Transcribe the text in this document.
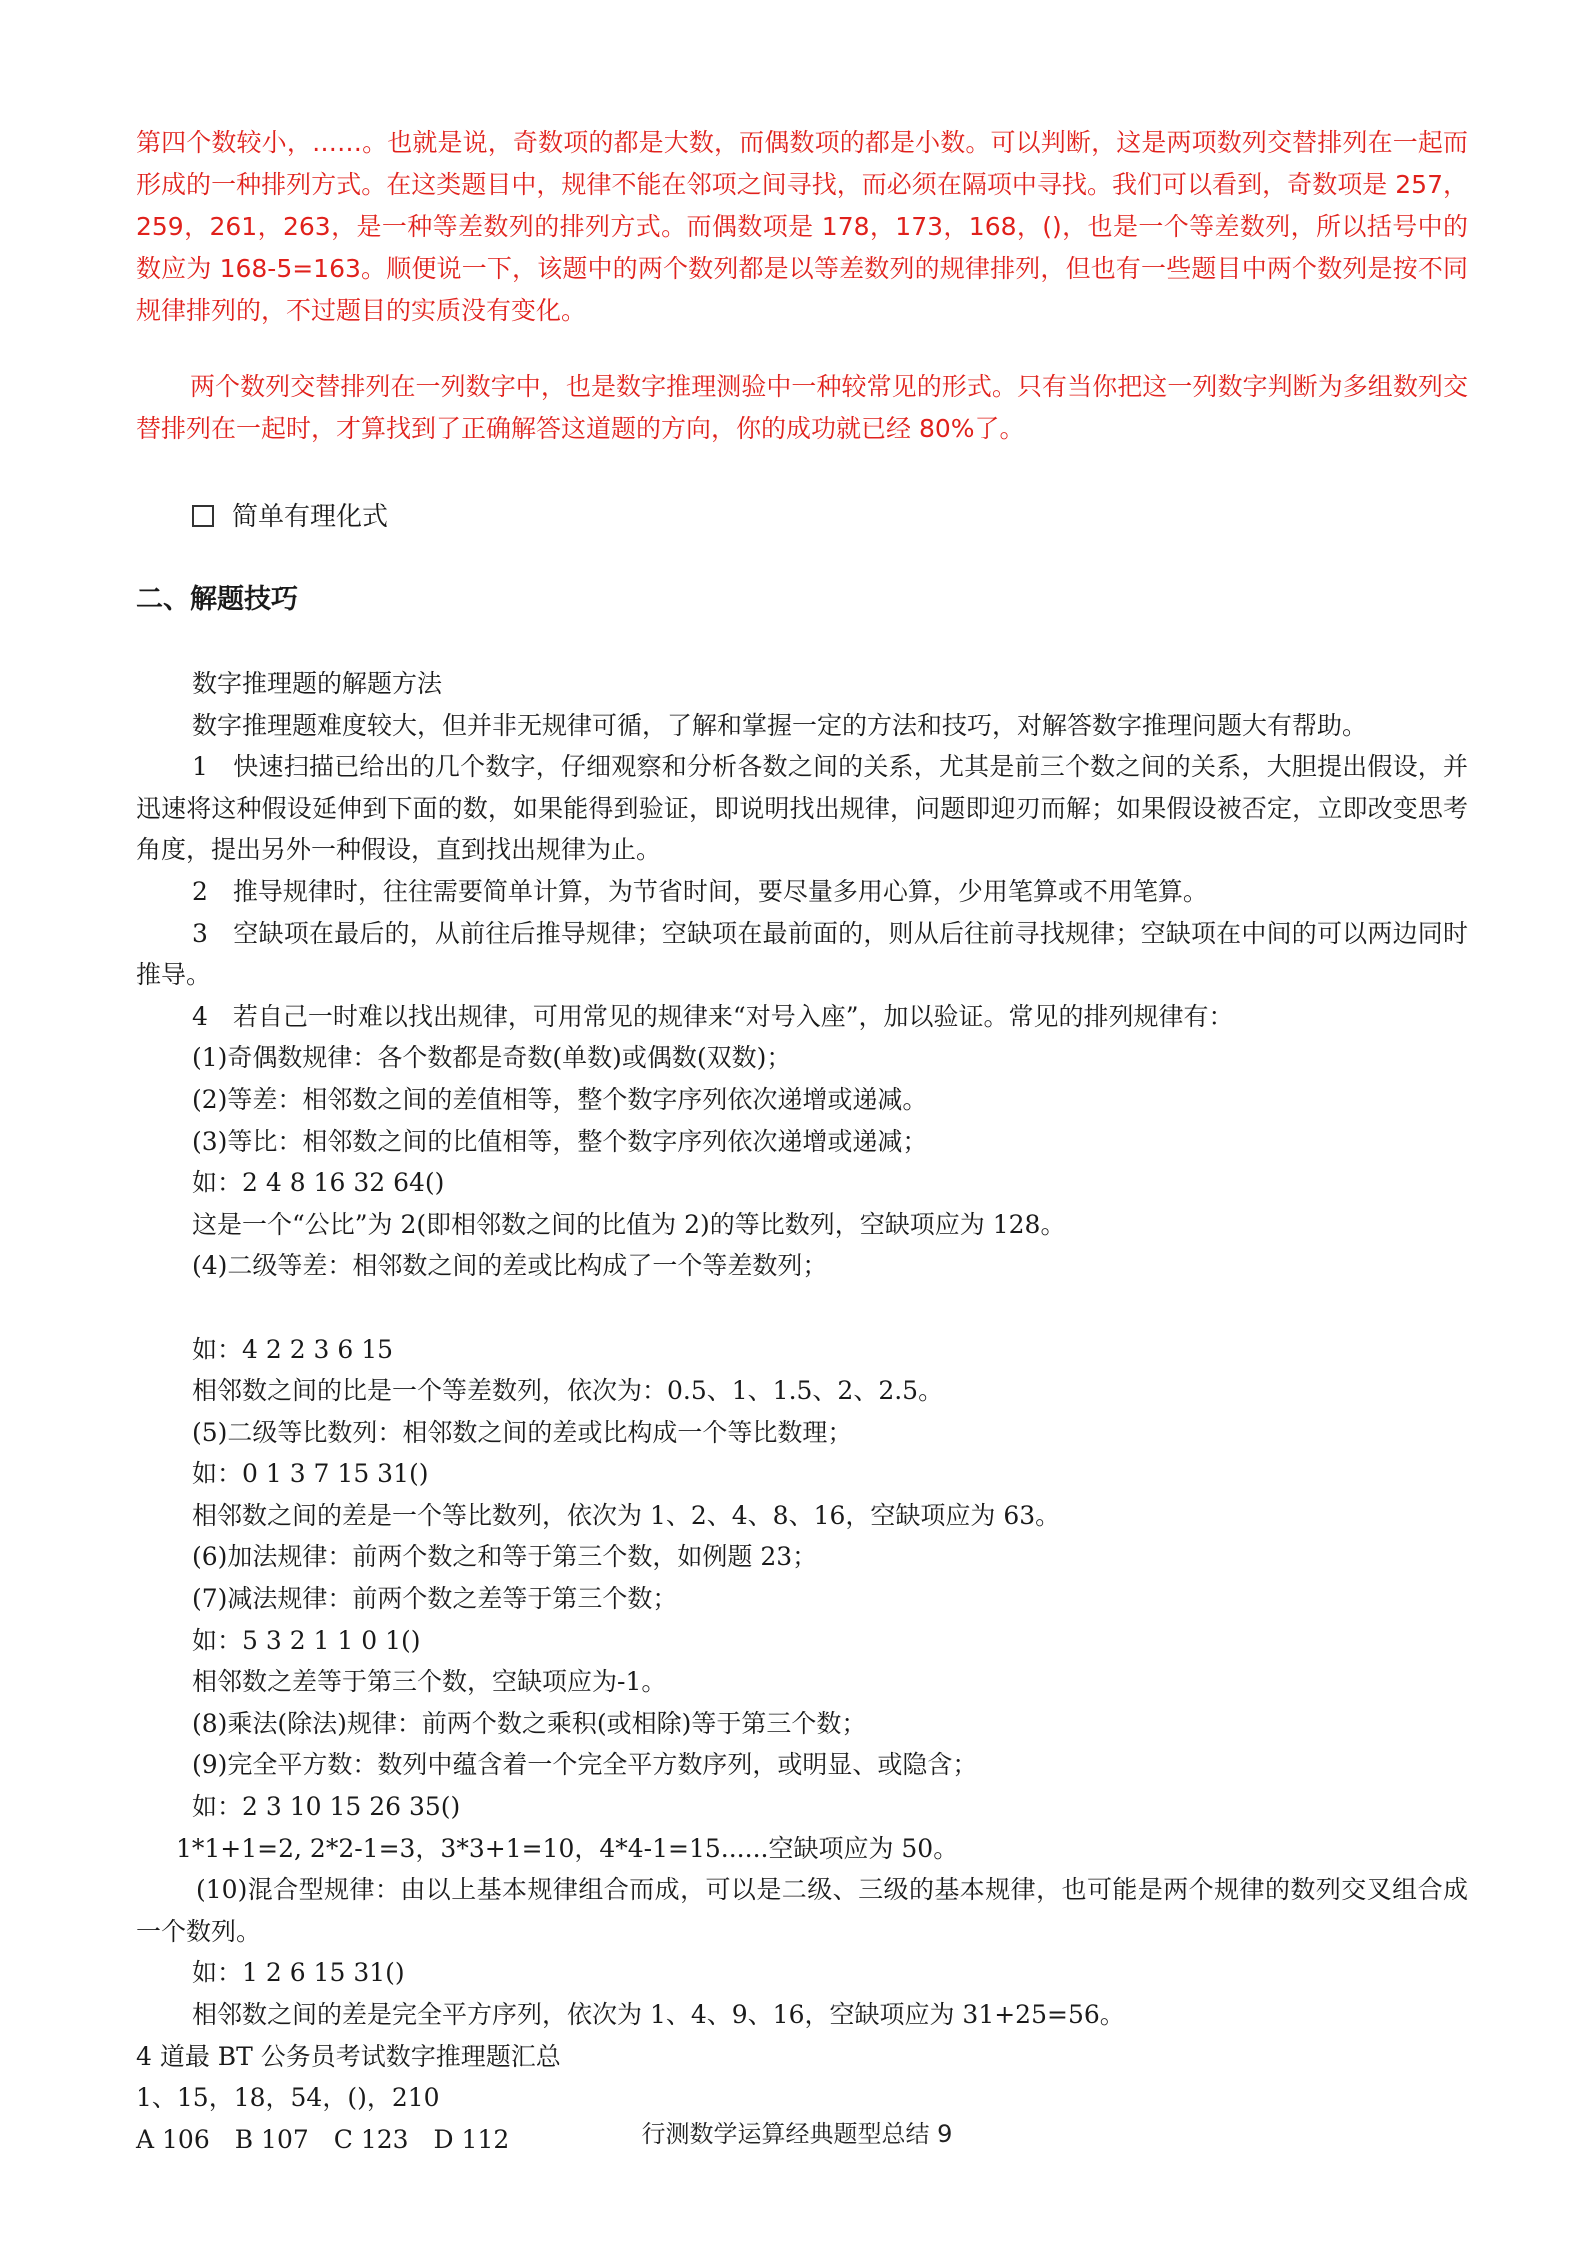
第四个数较小，……。也就是说，奇数项的都是大数，而偶数项的都是小数。可以判断，这是两项数列交替排列在一起而形成的一种排列方式。在这类题目中，规律不能在邻项之间寻找，而必须在隔项中寻找。我们可以看到，奇数项是 257，259，261，263，是一种等差数列的排列方式。而偶数项是 178，173，168，()，也是一个等差数列，所以括号中的数应为 168-5=163。顺便说一下，该题中的两个数列都是以等差数列的规律排列，但也有一些题目中两个数列是按不同规律排列的，不过题目的实质没有变化。

两个数列交替排列在一列数字中，也是数字推理测验中一种较常见的形式。只有当你把这一列数字判断为多组数列交替排列在一起时，才算找到了正确解答这道题的方向，你的成功就已经 80%了。

简单有理化式
二、解题技巧

数字推理题的解题方法

数字推理题难度较大，但并非无规律可循，了解和掌握一定的方法和技巧，对解答数字推理问题大有帮助。

1　快速扫描已给出的几个数字，仔细观察和分析各数之间的关系，尤其是前三个数之间的关系，大胆提出假设，并迅速将这种假设延伸到下面的数，如果能得到验证，即说明找出规律，问题即迎刃而解；如果假设被否定，立即改变思考角度，提出另外一种假设，直到找出规律为止。

2　推导规律时，往往需要简单计算，为节省时间，要尽量多用心算，少用笔算或不用笔算。

3　空缺项在最后的，从前往后推导规律；空缺项在最前面的，则从后往前寻找规律；空缺项在中间的可以两边同时推导。

4　若自己一时难以找出规律，可用常见的规律来“对号入座”，加以验证。常见的排列规律有：

(1)奇偶数规律：各个数都是奇数(单数)或偶数(双数)；

(2)等差：相邻数之间的差值相等，整个数字序列依次递增或递减。

(3)等比：相邻数之间的比值相等，整个数字序列依次递增或递减；

如：2 4 8 16 32 64()

这是一个“公比”为 2(即相邻数之间的比值为 2)的等比数列，空缺项应为 128。

(4)二级等差：相邻数之间的差或比构成了一个等差数列；

如：4 2 2 3 6 15

相邻数之间的比是一个等差数列，依次为：0.5、1、1.5、2、2.5。

(5)二级等比数列：相邻数之间的差或比构成一个等比数理；

如：0 1 3 7 15 31()

相邻数之间的差是一个等比数列，依次为 1、2、4、8、16，空缺项应为 63。

(6)加法规律：前两个数之和等于第三个数，如例题 23；

(7)减法规律：前两个数之差等于第三个数；

如：5 3 2 1 1 0 1()

相邻数之差等于第三个数，空缺项应为-1。

(8)乘法(除法)规律：前两个数之乘积(或相除)等于第三个数；

(9)完全平方数：数列中蕴含着一个完全平方数序列，或明显、或隐含；

如：2 3 10 15 26 35()

1*1+1=2, 2*2-1=3，3*3+1=10，4*4-1=15......空缺项应为 50。

(10)混合型规律：由以上基本规律组合而成，可以是二级、三级的基本规律，也可能是两个规律的数列交叉组合成一个数列。

如：1 2 6 15 31()

相邻数之间的差是完全平方序列，依次为 1、4、9、16，空缺项应为 31+25=56。

4 道最 BT 公务员考试数字推理题汇总

1、15，18，54，()，210

A 106　B 107　C 123　D 112	行测数学运算经典题型总结 9
